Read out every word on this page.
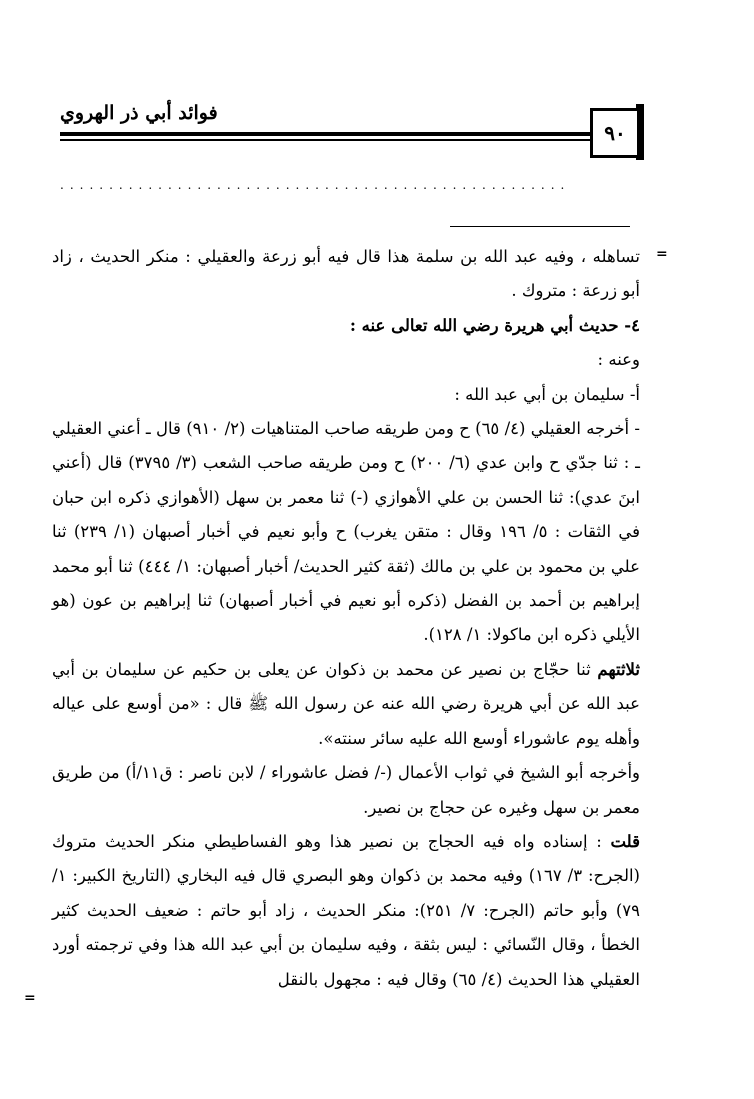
فوائد أبي ذر الهروي
٩٠
....................................................
=
=

تساهله ، وفيه عبد الله بن سلمة هذا قال فيه أبو زرعة والعقيلي : منكر الحديث ، زاد أبو زرعة : متروك .

٤- حديث أبي هريرة رضي الله تعالى عنه :

وعنه :

أ- سليمان بن أبي عبد الله :

- أخرجه العقيلي (٤/ ٦٥) ح ومن طريقه صاحب المتناهيات (٢/ ٩١٠) قال ـ أعني العقيلي ـ : ثنا جدّي ح وابن عدي (٦/ ٢٠٠) ح ومن طريقه صاحب الشعب (٣/ ٣٧٩٥) قال (أعني ابنَ عدي): ثنا الحسن بن علي الأهوازي (-) ثنا معمر بن سهل (الأهوازي ذكره ابن حبان في الثقات : ٥/ ١٩٦ وقال : متقن يغرب) ح وأبو نعيم في أخبار أصبهان (١/ ٢٣٩) ثنا علي بن محمود بن علي بن مالك (ثقة كثير الحديث/ أخبار أصبهان: ١/ ٤٤٤) ثنا أبو محمد إبراهيم بن أحمد بن الفضل (ذكره أبو نعيم في أخبار أصبهان) ثنا إبراهيم بن عون (هو الأيلي ذكره ابن ماكولا: ١/ ١٢٨).

ثلاثتهم ثنا حجّاج بن نصير عن محمد بن ذكوان عن يعلى بن حكيم عن سليمان بن أبي عبد الله عن أبي هريرة رضي الله عنه عن رسول الله ﷺ قال : «من أوسع على عياله وأهله يوم عاشوراء أوسع الله عليه سائر سنته».

وأخرجه أبو الشيخ في ثواب الأعمال (-/ فضل عاشوراء / لابن ناصر : ق١١/أ) من طريق معمر بن سهل وغيره عن حجاج بن نصير.

قلت : إسناده واه فيه الحجاج بن نصير هذا وهو الفساطيطي منكر الحديث متروك (الجرح: ٣/ ١٦٧) وفيه محمد بن ذكوان وهو البصري قال فيه البخاري (التاريخ الكبير: ١/ ٧٩) وأبو حاتم (الجرح: ٧/ ٢٥١): منكر الحديث ، زاد أبو حاتم : ضعيف الحديث كثير الخطأ ، وقال النّسائي : ليس بثقة ، وفيه سليمان بن أبي عبد الله هذا وفي ترجمته أورد العقيلي هذا الحديث (٤/ ٦٥) وقال فيه : مجهول بالنقل
